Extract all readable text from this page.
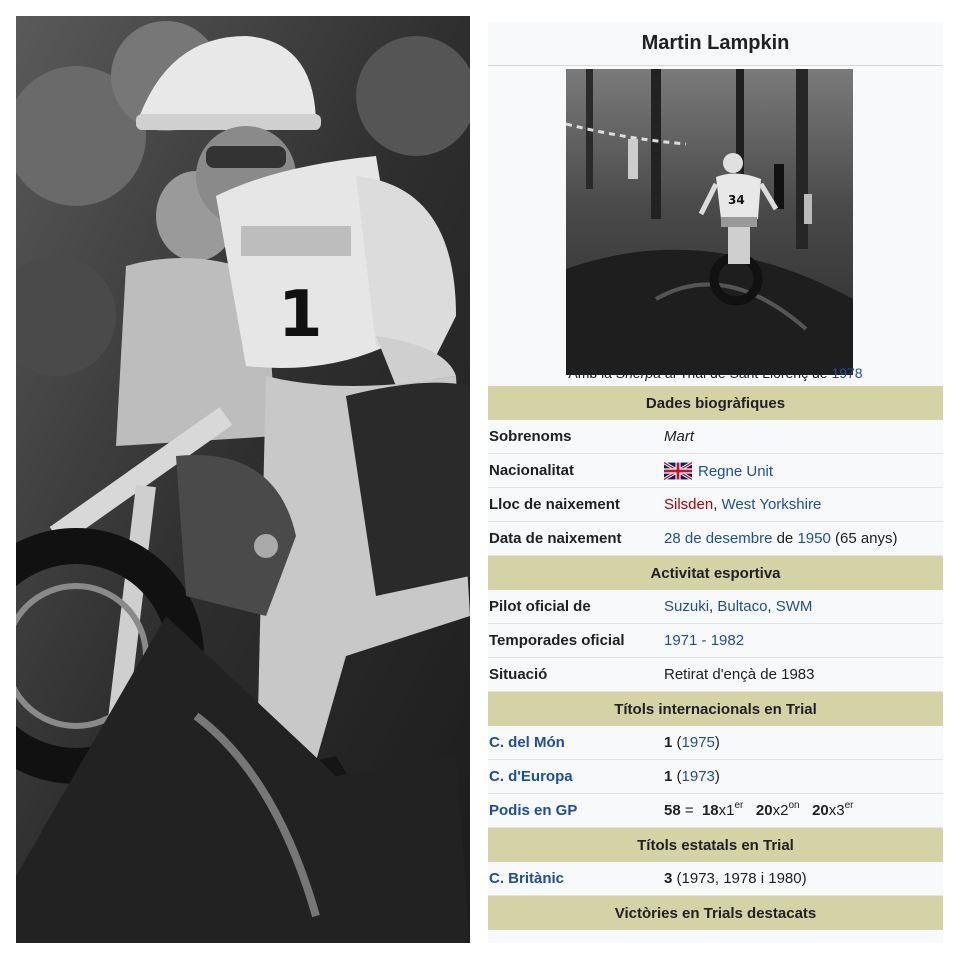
1
Martin Lampkin
34
Amb la Sherpa al Trial de Sant Llorenç de 1978
Dades biogràfiques
Sobrenoms	Mart
Nacionalitat	Regne Unit
Lloc de naixement	Silsden, West Yorkshire
Data de naixement	28 de desembre de 1950 (65 anys)
Activitat esportiva
Pilot oficial de	Suzuki, Bultaco, SWM
Temporades oficial	1971 - 1982
Situació	Retirat d'ençà de 1983
Títols internacionals en Trial
C. del Món	1 (1975)
C. d'Europa	1 (1973)
Podis en GP	58 =  18x1er $20x2^{on}$ 20x3er
Títols estatals en Trial
C. Britànic	3 (1973, 1978 i 1980)
Victòries en Trials destacats
